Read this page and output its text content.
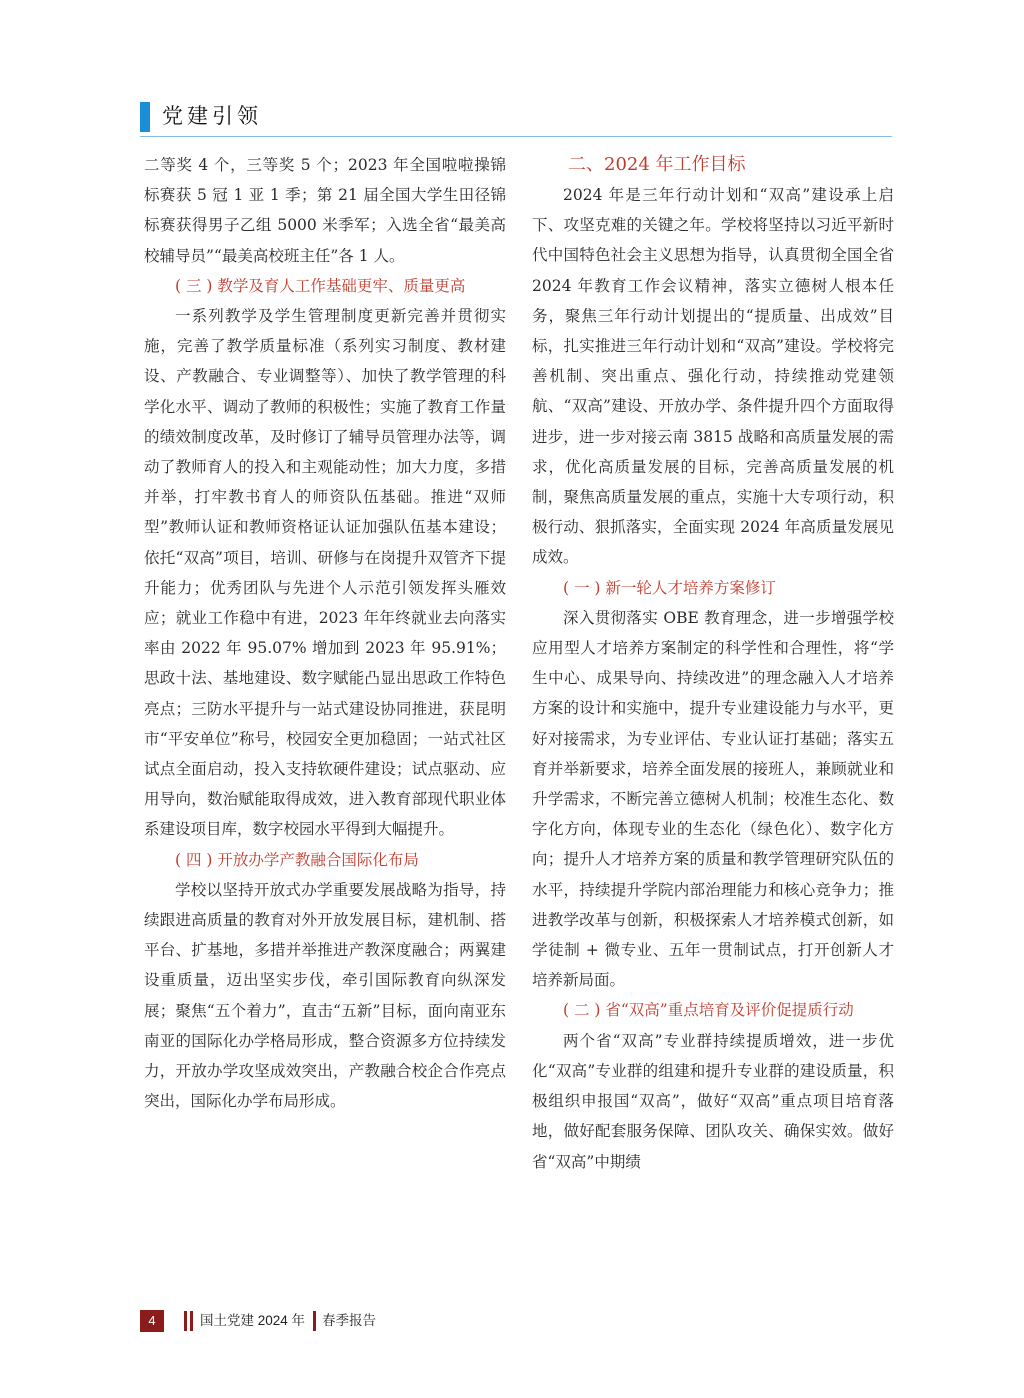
党建引领

二等奖 4 个，三等奖 5 个；2023 年全国啦啦操锦标赛获 5 冠 1 亚 1 季；第 21 届全国大学生田径锦标赛获得男子乙组 5000 米季军；入选全省“最美高校辅导员”“最美高校班主任”各 1 人。

( 三 ) 教学及育人工作基础更牢、质量更高

一系列教学及学生管理制度更新完善并贯彻实施，完善了教学质量标准（系列实习制度、教材建设、产教融合、专业调整等）、加快了教学管理的科学化水平、调动了教师的积极性；实施了教育工作量的绩效制度改革，及时修订了辅导员管理办法等，调动了教师育人的投入和主观能动性；加大力度，多措并举，打牢教书育人的师资队伍基础。推进“双师型”教师认证和教师资格证认证加强队伍基本建设；依托“双高”项目，培训、研修与在岗提升双管齐下提升能力；优秀团队与先进个人示范引领发挥头雁效应；就业工作稳中有进，2023 年年终就业去向落实率由 2022 年 95.07% 增加到 2023 年 95.91%；思政十法、基地建设、数字赋能凸显出思政工作特色亮点；三防水平提升与一站式建设协同推进，获昆明市“平安单位”称号，校园安全更加稳固；一站式社区试点全面启动，投入支持软硬件建设；试点驱动、应用导向，数治赋能取得成效，进入教育部现代职业体系建设项目库，数字校园水平得到大幅提升。

( 四 ) 开放办学产教融合国际化布局

学校以坚持开放式办学重要发展战略为指导，持续跟进高质量的教育对外开放发展目标，建机制、搭平台、扩基地，多措并举推进产教深度融合；两翼建设重质量，迈出坚实步伐，牵引国际教育向纵深发展；聚焦“五个着力”，直击“五新”目标，面向南亚东南亚的国际化办学格局形成，整合资源多方位持续发力，开放办学攻坚成效突出，产教融合校企合作亮点突出，国际化办学布局形成。

二、2024 年工作目标

2024 年是三年行动计划和“双高”建设承上启下、攻坚克难的关键之年。学校将坚持以习近平新时代中国特色社会主义思想为指导，认真贯彻全国全省 2024 年教育工作会议精神，落实立德树人根本任务，聚焦三年行动计划提出的“提质量、出成效”目标，扎实推进三年行动计划和“双高”建设。学校将完善机制、突出重点、强化行动，持续推动党建领航、“双高”建设、开放办学、条件提升四个方面取得进步，进一步对接云南 3815 战略和高质量发展的需求，优化高质量发展的目标，完善高质量发展的机制，聚焦高质量发展的重点，实施十大专项行动，积极行动、狠抓落实，全面实现 2024 年高质量发展见成效。

( 一 ) 新一轮人才培养方案修订

深入贯彻落实 OBE 教育理念，进一步增强学校应用型人才培养方案制定的科学性和合理性，将“学生中心、成果导向、持续改进”的理念融入人才培养方案的设计和实施中，提升专业建设能力与水平，更好对接需求，为专业评估、专业认证打基础；落实五育并举新要求，培养全面发展的接班人，兼顾就业和升学需求，不断完善立德树人机制；校准生态化、数字化方向，体现专业的生态化（绿色化）、数字化方向；提升人才培养方案的质量和教学管理研究队伍的水平，持续提升学院内部治理能力和核心竞争力；推进教学改革与创新，积极探索人才培养模式创新，如学徒制 + 微专业、五年一贯制试点，打开创新人才培养新局面。

( 二 ) 省“双高”重点培育及评价促提质行动

两个省“双高”专业群持续提质增效，进一步优化“双高”专业群的组建和提升专业群的建设质量，积极组织申报国“双高”，做好“双高”重点项目培育落地，做好配套服务保障、团队攻关、确保实效。做好省“双高”中期绩

4	国土党建 2024 年 春季报告
